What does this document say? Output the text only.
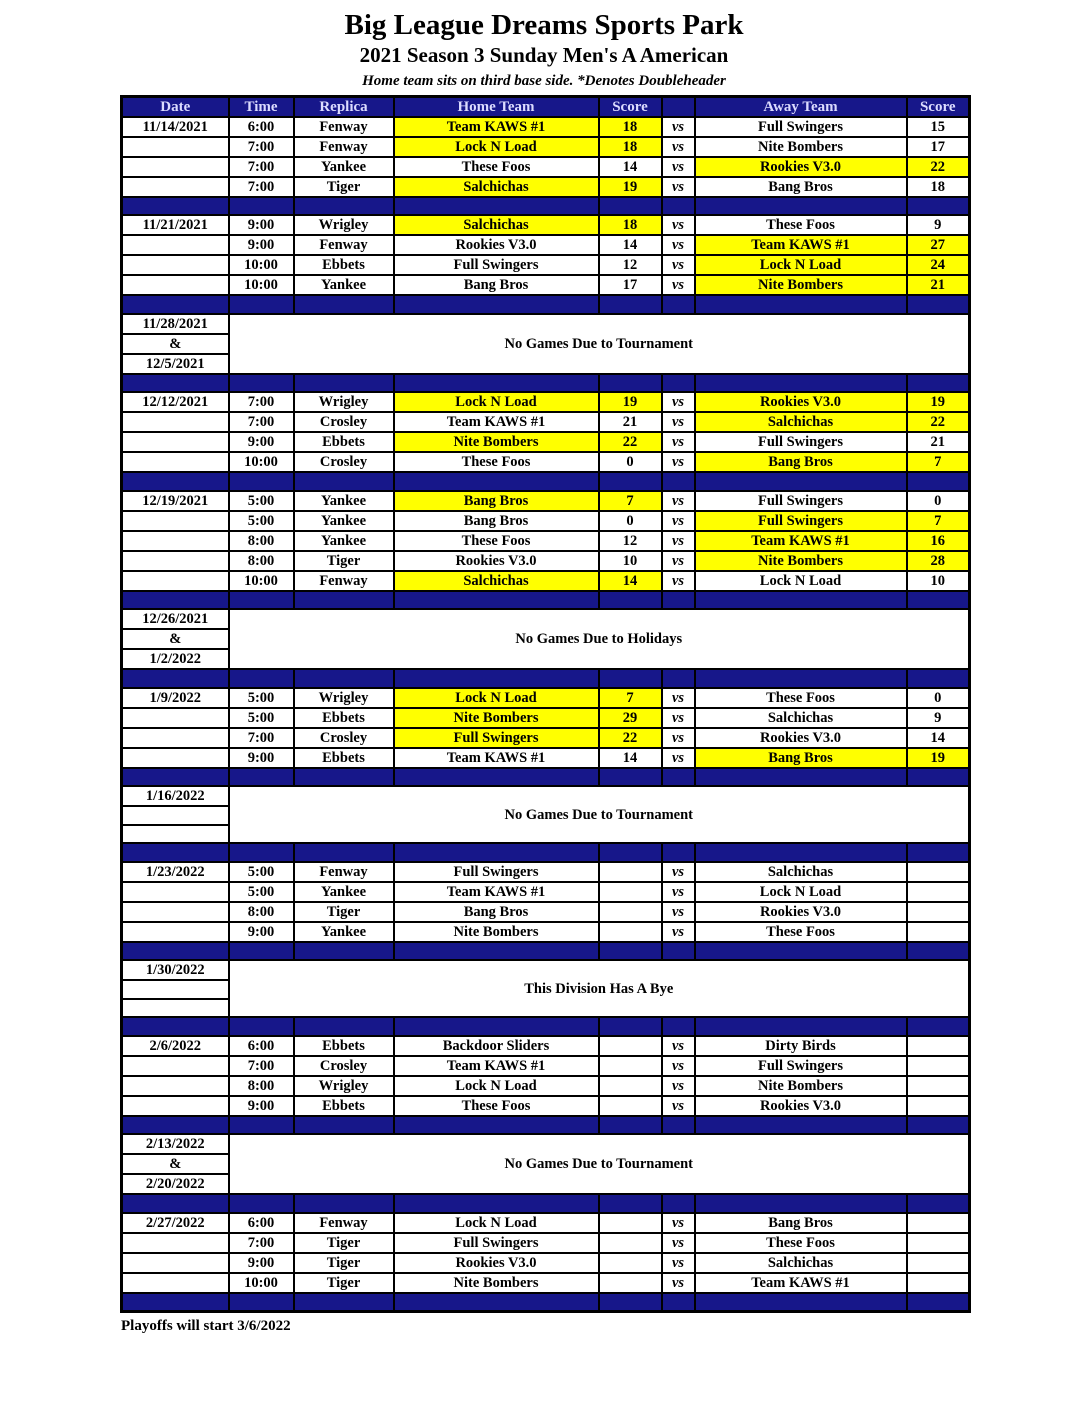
Big League Dreams Sports Park
2021 Season 3 Sunday Men's A American
Home team sits on third base side. *Denotes Doubleheader
Date	Time	Replica	Home Team	Score		Away Team	Score
11/14/2021	6:00	Fenway	Team KAWS #1	18	vs	Full Swingers	15
	7:00	Fenway	Lock N Load	18	vs	Nite Bombers	17
	7:00	Yankee	These Foos	14	vs	Rookies V3.0	22
	7:00	Tiger	Salchichas	19	vs	Bang Bros	18

11/21/2021	9:00	Wrigley	Salchichas	18	vs	These Foos	9
	9:00	Fenway	Rookies V3.0	14	vs	Team KAWS #1	27
	10:00	Ebbets	Full Swingers	12	vs	Lock N Load	24
	10:00	Yankee	Bang Bros	17	vs	Nite Bombers	21

11/28/2021	No Games Due to Tournament						
&							
12/5/2021							

12/12/2021	7:00	Wrigley	Lock N Load	19	vs	Rookies V3.0	19
	7:00	Crosley	Team KAWS #1	21	vs	Salchichas	22
	9:00	Ebbets	Nite Bombers	22	vs	Full Swingers	21
	10:00	Crosley	These Foos	0	vs	Bang Bros	7

12/19/2021	5:00	Yankee	Bang Bros	7	vs	Full Swingers	0
	5:00	Yankee	Bang Bros	0	vs	Full Swingers	7
	8:00	Yankee	These Foos	12	vs	Team KAWS #1	16
	8:00	Tiger	Rookies V3.0	10	vs	Nite Bombers	28
	10:00	Fenway	Salchichas	14	vs	Lock N Load	10

12/26/2021	No Games Due to Holidays						
&							
1/2/2022							

1/9/2022	5:00	Wrigley	Lock N Load	7	vs	These Foos	0
	5:00	Ebbets	Nite Bombers	29	vs	Salchichas	9
	7:00	Crosley	Full Swingers	22	vs	Rookies V3.0	14
	9:00	Ebbets	Team KAWS #1	14	vs	Bang Bros	19

1/16/2022	No Games Due to Tournament						

1/23/2022	5:00	Fenway	Full Swingers		vs	Salchichas	
	5:00	Yankee	Team KAWS #1		vs	Lock N Load	
	8:00	Tiger	Bang Bros		vs	Rookies V3.0	
	9:00	Yankee	Nite Bombers		vs	These Foos	

1/30/2022	This Division Has A Bye						

2/6/2022	6:00	Ebbets	Backdoor Sliders		vs	Dirty Birds	
	7:00	Crosley	Team KAWS #1		vs	Full Swingers	
	8:00	Wrigley	Lock N Load		vs	Nite Bombers	
	9:00	Ebbets	These Foos		vs	Rookies V3.0	

2/13/2022	No Games Due to Tournament						
&							
2/20/2022							

2/27/2022	6:00	Fenway	Lock N Load		vs	Bang Bros	
	7:00	Tiger	Full Swingers		vs	These Foos	
	9:00	Tiger	Rookies V3.0		vs	Salchichas	
	10:00	Tiger	Nite Bombers		vs	Team KAWS #1	

Playoffs will start 3/6/2022
